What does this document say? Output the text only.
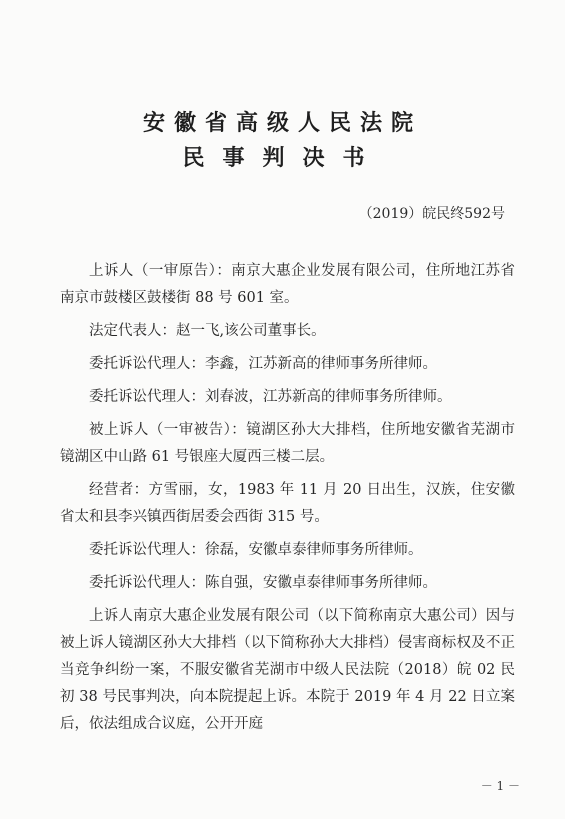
安徽省高级人民法院
民事判决书
（2019）皖民终592号

上诉人（一审原告）：南京大惠企业发展有限公司，住所地江苏省南京市鼓楼区鼓楼街 88 号 601 室。

法定代表人：赵一飞,该公司董事长。

委托诉讼代理人：李鑫，江苏新高的律师事务所律师。

委托诉讼代理人：刘春波，江苏新高的律师事务所律师。

被上诉人（一审被告）：镜湖区孙大大排档，住所地安徽省芜湖市镜湖区中山路 61 号银座大厦西三楼二层。

经营者：方雪丽，女，1983 年 11 月 20 日出生，汉族，住安徽省太和县李兴镇西街居委会西街 315 号。

委托诉讼代理人：徐磊，安徽卓泰律师事务所律师。

委托诉讼代理人：陈自强，安徽卓泰律师事务所律师。

上诉人南京大惠企业发展有限公司（以下简称南京大惠公司）因与被上诉人镜湖区孙大大排档（以下简称孙大大排档）侵害商标权及不正当竞争纠纷一案，不服安徽省芜湖市中级人民法院（2018）皖 02 民初 38 号民事判决，向本院提起上诉。本院于 2019 年 4 月 22 日立案后，依法组成合议庭，公开开庭

－ 1 －
